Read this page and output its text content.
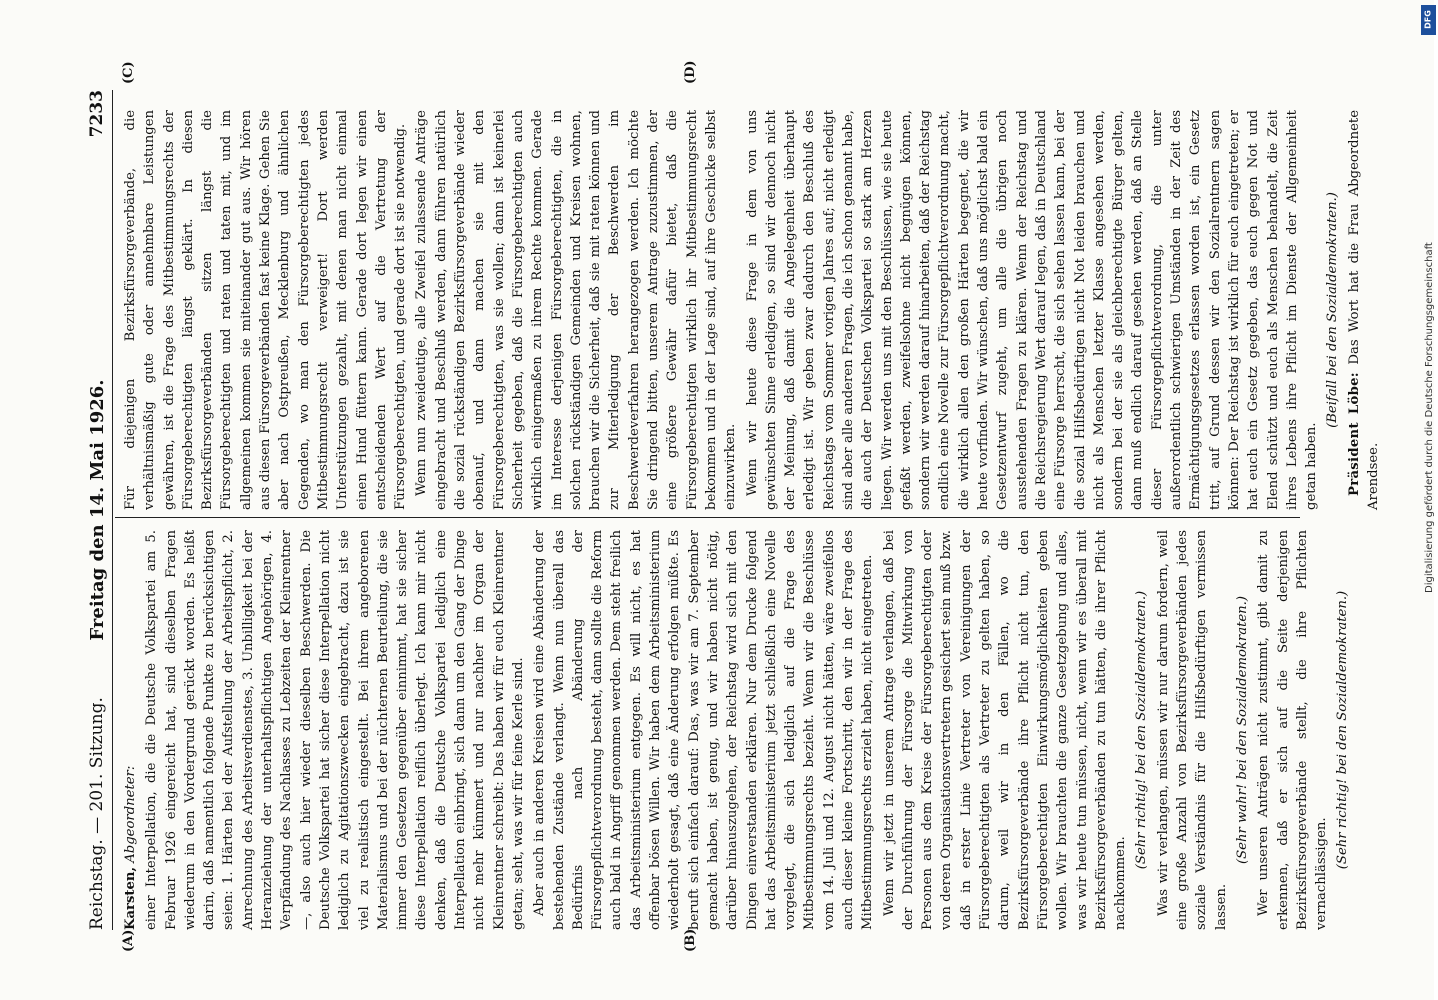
Reichstag. — 201. Sitzung.
Freitag den 14. Mai 1926.
7233
(A)	(B)
(C)	(D)

Karsten, Abgeordneter: einer Interpellation, die die Deutsche Volkspartei am 5. Februar 1926 eingereicht hat, sind dieselben Fragen wiederum in den Vordergrund gerückt worden. Es heißt darin, daß namentlich folgende Punkte zu berücksichtigen seien: 1. Härten bei der Aufstellung der Arbeitspflicht, 2. Anrechnung des Arbeitsverdienstes, 3. Unbilligkeit bei der Heranziehung der unterhaltspflichtigen Angehörigen, 4. Verpfändung des Nachlasses zu Lebzeiten der Kleinrentner —, also auch hier wieder dieselben Beschwerden. Die Deutsche Volkspartei hat sicher diese Interpellation nicht lediglich zu Agitationszwecken eingebracht, dazu ist sie viel zu realistisch eingestellt. Bei ihrem angeborenen Materialismus und bei der nüchternen Beurteilung, die sie immer den Gesetzen gegenüber einnimmt, hat sie sicher diese Interpellation reiflich überlegt. Ich kann mir nicht denken, daß die Deutsche Volkspartei lediglich eine Interpellation einbringt, sich dann um den Gang der Dinge nicht mehr kümmert und nur nachher im Organ der Kleinrentner schreibt: Das haben wir für euch Kleinrentner getan; seht, was wir für feine Kerle sind. Aber auch in anderen Kreisen wird eine Abänderung der bestehenden Zustände verlangt. Wenn nun überall das Bedürfnis nach Abänderung der Fürsorgepflichtverordnung besteht, dann sollte die Reform auch bald in Angriff genommen werden. Dem steht freilich das Arbeitsministerium entgegen. Es will nicht, es hat offenbar bösen Willen. Wir haben dem Arbeitsministerium wiederholt gesagt, daß eine Änderung erfolgen müßte. Es beruft sich einfach darauf: Das, was wir am 7. September gemacht haben, ist genug, und wir haben nicht nötig, darüber hinauszugehen, der Reichstag wird sich mit den Dingen einverstanden erklären. Nur dem Drucke folgend hat das Arbeitsministerium jetzt schließlich eine Novelle vorgelegt, die sich lediglich auf die Frage des Mitbestimmungsrechts bezieht. Wenn wir die Beschlüsse vom 14. Juli und 12. August nicht hätten, wäre zweifellos auch dieser kleine Fortschritt, den wir in der Frage des Mitbestimmungsrechts erzielt haben, nicht eingetreten. Wenn wir jetzt in unserem Antrage verlangen, daß bei der Durchführung der Fürsorge die Mitwirkung von Personen aus dem Kreise der Fürsorgeberechtigten oder von deren Organisationsvertretern gesichert sein muß bzw. daß in erster Linie Vertreter von Vereinigungen der Fürsorgeberechtigten als Vertreter zu gelten haben, so darum, weil wir in den Fällen, wo die Bezirksfürsorgeverbände ihre Pflicht nicht tun, den Fürsorgeberechtigten Einwirkungsmöglichkeiten geben wollen. Wir brauchten die ganze Gesetzgebung und alles, was wir heute tun müssen, nicht, wenn wir es überall mit Bezirksfürsorgeverbänden zu tun hätten, die ihrer Pflicht nachkommen.

(Sehr richtig! bei den Sozialdemokraten.) Was wir verlangen, müssen wir nur darum fordern, weil eine große Anzahl von Bezirksfürsorgeverbänden jedes soziale Verständnis für die Hilfsbedürftigen vermissen lassen.

(Sehr wahr! bei den Sozialdemokraten.) Wer unseren Anträgen nicht zustimmt, gibt damit zu erkennen, daß er sich auf die Seite derjenigen Bezirksfürsorgeverbände stellt, die ihre Pflichten vernachlässigen.

(Sehr richtig! bei den Sozialdemokraten.)

Für diejenigen Bezirksfürsorgeverbände, die verhältnismäßig gute oder annehmbare Leistungen gewähren, ist die Frage des Mitbestimmungsrechts der Fürsorgeberechtigten längst geklärt. In diesen Bezirksfürsorgeverbänden sitzen längst die Fürsorgeberechtigten und raten und taten mit, und im allgemeinen kommen sie miteinander gut aus. Wir hören aus diesen Fürsorgeverbänden fast keine Klage. Gehen Sie aber nach Ostpreußen, Mecklenburg und ähnlichen Gegenden, wo man den Fürsorgeberechtigten jedes Mitbestimmungsrecht verweigert! Dort werden Unterstützungen gezahlt, mit denen man nicht einmal einen Hund füttern kann. Gerade dort legen wir einen entscheidenden Wert auf die Vertretung der Fürsorgeberechtigten, und gerade dort ist sie notwendig. Wenn nun zweideutige, alle Zweifel zulassende Anträge eingebracht und Beschluß werden, dann führen natürlich die sozial rückständigen Bezirksfürsorgeverbände wieder obenauf, und dann machen sie mit den Fürsorgeberechtigten, was sie wollen; dann ist keinerlei Sicherheit gegeben, daß die Fürsorgeberechtigten auch wirklich einigermaßen zu ihrem Rechte kommen. Gerade im Interesse derjenigen Fürsorgeberechtigten, die in solchen rückständigen Gemeinden und Kreisen wohnen, brauchen wir die Sicherheit, daß sie mit raten können und zur Miterledigung der Beschwerden im Beschwerdeverfahren herangezogen werden. Ich möchte Sie dringend bitten, unserem Antrage zuzustimmen, der eine größere Gewähr dafür bietet, daß die Fürsorgeberechtigten wirklich ihr Mitbestimmungsrecht bekommen und in der Lage sind, auf ihre Geschicke selbst einzuwirken. Wenn wir heute diese Frage in dem von uns gewünschten Sinne erledigen, so sind wir dennoch nicht der Meinung, daß damit die Angelegenheit überhaupt erledigt ist. Wir geben zwar dadurch den Beschluß des Reichstags vom Sommer vorigen Jahres auf; nicht erledigt sind aber alle anderen Fragen, die ich schon genannt habe, die auch der Deutschen Volkspartei so stark am Herzen liegen. Wir werden uns mit den Beschlüssen, wie sie heute gefaßt werden, zweifelsohne nicht begnügen können, sondern wir werden darauf hinarbeiten, daß der Reichstag endlich eine Novelle zur Fürsorgepflichtverordnung macht, die wirklich allen den großen Härten begegnet, die wir heute vorfinden. Wir wünschen, daß uns möglichst bald ein Gesetzentwurf zugeht, um alle die übrigen noch ausstehenden Fragen zu klären. Wenn der Reichstag und die Reichsregierung Wert darauf legen, daß in Deutschland eine Fürsorge herrscht, die sich sehen lassen kann, bei der die sozial Hilfsbedürftigen nicht Not leiden brauchen und nicht als Menschen letzter Klasse angesehen werden, sondern bei der sie als gleichberechtigte Bürger gelten, dann muß endlich darauf gesehen werden, daß an Stelle dieser Fürsorgepflichtverordnung, die unter außerordentlich schwierigen Umständen in der Zeit des Ermächtigungsgesetzes erlassen worden ist, ein Gesetz tritt, auf Grund dessen wir den Sozialrentnern sagen können: Der Reichstag ist wirklich für euch eingetreten; er hat euch ein Gesetz gegeben, das euch gegen Not und Elend schützt und euch als Menschen behandelt, die Zeit ihres Lebens ihre Pflicht im Dienste der Allgemeinheit getan haben.

(Beifall bei den Sozialdemokraten.)

Präsident Löbe: Das Wort hat die Frau Abgeordnete Arendsee.

DFG
Digitalisierung gefördert durch die Deutsche Forschungsgemeinschaft
